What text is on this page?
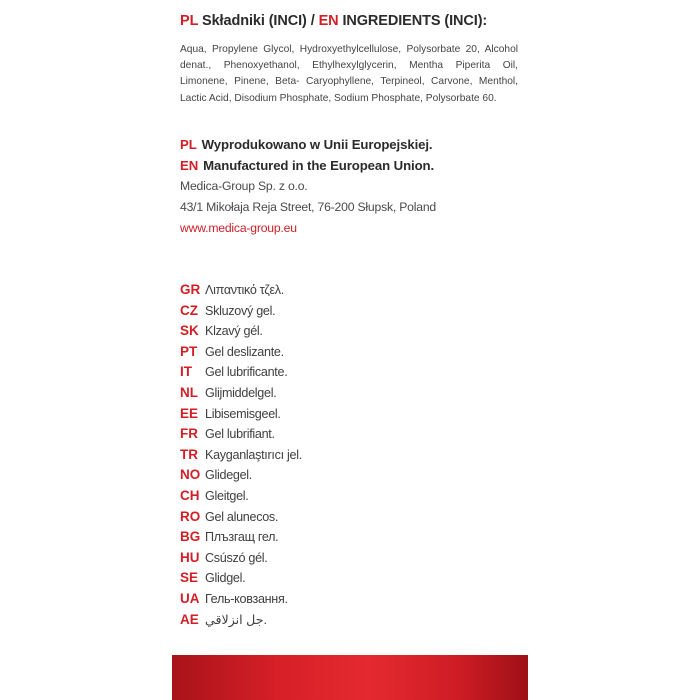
PL Składniki (INCI) / EN INGREDIENTS (INCI):
Aqua, Propylene Glycol, Hydroxyethylcellulose, Polysorbate 20, Alcohol denat., Phenoxyethanol, Ethylhexylglycerin, Mentha Piperita Oil, Limonene, Pinene, Beta- Caryophyllene, Terpineol, Carvone, Menthol, Lactic Acid, Disodium Phosphate, Sodium Phosphate, Polysorbate 60.
PL Wyprodukowano w Unii Europejskiej.
EN Manufactured in the European Union.
Medica-Group Sp. z o.o.
43/1 Mikołaja Reja Street, 76-200 Słupsk, Poland
www.medica-group.eu
GR Λιπαντικό τζελ.
CZ Skluzový gel.
SK Klzavý gél.
PT Gel deslizante.
IT Gel lubrificante.
NL Glijmiddelgel.
EE Libisemisgeel.
FR Gel lubrifiant.
TR Kayganlaştırıcı jel.
NO Glidegel.
CH Gleitgel.
RO Gel alunecos.
BG Плъзгащ гел.
HU Csúszó gél.
SE Glidgel.
UA Гель-ковзання.
AE جل انزلاقي.
